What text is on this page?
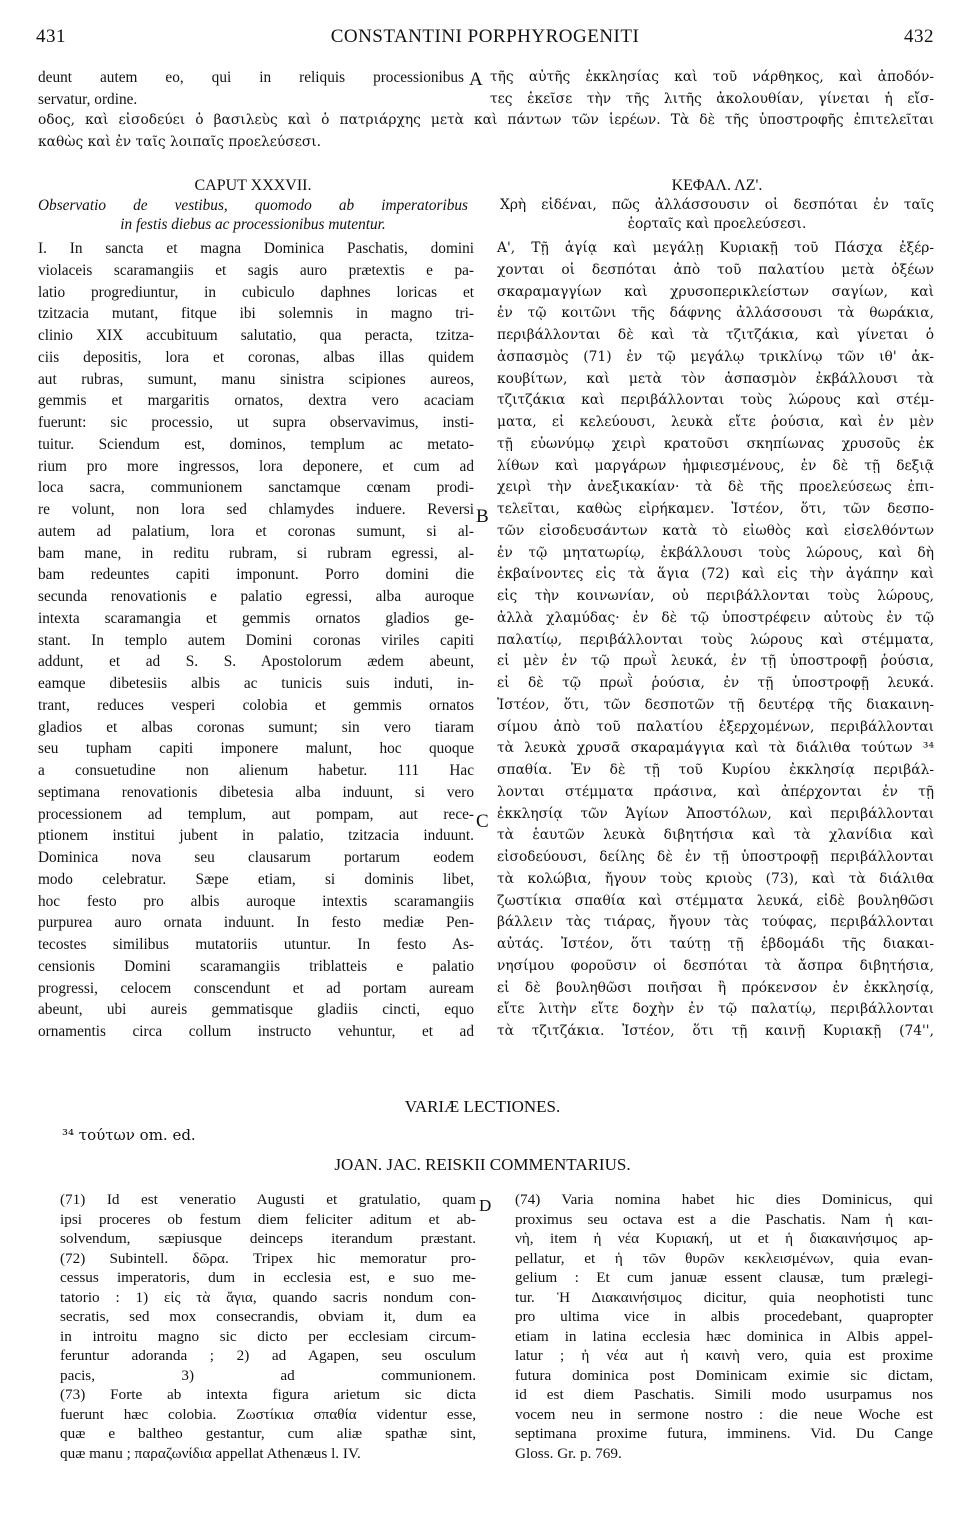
431	CONSTANTINI PORPHYROGENITI	432
deunt autem eo, qui in reliquis processionibus
servatur, ordine.
A τῆς αὐτῆς ἐκκλησίας καὶ τοῦ νάρθηκος, καὶ ἀποδόν-
τες ἐκεῖσε τὴν τῆς λιτῆς ἀκολουθίαν, γίνεται ἡ εἴσ-
οδος, καὶ εἰσοδεύει ὁ βασιλεὺς καὶ ὁ πατριάρχης μετὰ καὶ πάντων τῶν ἱερέων. Τὰ δὲ τῆς ὑποστροφῆς ἐπιτελεῖται
καθὼς καὶ ἐν ταῖς λοιπαῖς προελεύσεσι.
CAPUT XXXVII.
Observatio de vestibus, quomodo ab imperatoribus
in festis diebus ac processionibus mutentur.
ΚΕΦΑΛ. ΛΖ'.
Χρὴ εἰδέναι, πῶς ἀλλάσσουσιν οἱ δεσπόται ἐν ταῖς
ἑορταῖς καὶ προελεύσεσι.
I. In sancta et magna Dominica Paschatis, domini
violaceis scaramangiis et sagis auro prætextis e pa-
latio progrediuntur, in cubiculo daphnes loricas et
tzitzacia mutant, fitque ibi solemnis in magno tri-
clinio XIX accubituum salutatio, qua peracta, tzitza-
ciis depositis, lora et coronas, albas illas quidem
aut rubras, sumunt, manu sinistra scipiones aureos,
gemmis et margaritis ornatos, dextra vero acaciam
fuerunt: sic processio, ut supra observavimus, insti-
tuitur. Sciendum est, dominos, templum ac metato-
rium pro more ingressos, lora deponere, et cum ad
loca sacra, communionem sanctamque cœnam prodi-
re volunt, non lora sed chlamydes induere. Reversi
autem ad palatium, lora et coronas sumunt, si al-
bam mane, in reditu rubram, si rubram egressi, al-
bam redeuntes capiti imponunt. Porro domini die
secunda renovationis e palatio egressi, alba auroque
intexta scaramangia et gemmis ornatos gladios ge-
stant. In templo autem Domini coronas viriles capiti
addunt, et ad S. S. Apostolorum ædem abeunt,
eamque dibetesiis albis ac tunicis suis induti, in-
trant, reduces vesperi colobia et gemmis ornatos
gladios et albas coronas sumunt; sin vero tiaram
seu tupham capiti imponere malunt, hoc quoque
a consuetudine non alienum habetur. 111 Hac
septimana renovationis dibetesia alba induunt, si vero
processionem ad templum, aut pompam, aut rece-
ptionem institui jubent in palatio, tzitzacia induunt.
Dominica nova seu clausarum portarum eodem
modo celebratur. Sæpe etiam, si dominis libet,
hoc festo pro albis auroque intextis scaramangiis
purpurea auro ornata induunt. In festo mediæ Pen-
tecostes similibus mutatoriis utuntur. In festo As-
censionis Domini scaramangiis triblatteis e palatio
progressi, celocem conscendunt et ad portam auream
abeunt, ubi aureis gemmatisque gladiis cincti, equo
ornamentis circa collum instructo vehuntur, et ad
B
C
Α', Τῇ ἁγίᾳ καὶ μεγάλῃ Κυριακῇ τοῦ Πάσχα ἐξέρ-
χονται οἱ δεσπόται ἀπὸ τοῦ παλατίου μετὰ ὀξέων
σκαραμαγγίων καὶ χρυσοπερικλείστων σαγίων, καὶ
ἐν τῷ κοιτῶνι τῆς δάφνης ἀλλάσσουσι τὰ θωράκια,
περιβάλλονται δὲ καὶ τὰ τζιτζάκια, καὶ γίνεται ὁ
ἀσπασμὸς (71) ἐν τῷ μεγάλῳ τρικλίνῳ τῶν ιθ' ἀκ-
κουβίτων, καὶ μετὰ τὸν ἀσπασμὸν ἐκβάλλουσι τὰ
τζιτζάκια καὶ περιβάλλονται τοὺς λώρους καὶ στέμ-
ματα, εἰ κελεύουσι, λευκὰ εἴτε ῥούσια, καὶ ἐν μὲν
τῇ εὐωνύμῳ χειρὶ κρατοῦσι σκηπίωνας χρυσοῦς ἐκ
λίθων καὶ μαργάρων ἠμφιεσμένους, ἐν δὲ τῇ δεξιᾷ
χειρὶ τὴν ἀνεξικακίαν· τὰ δὲ τῆς προελεύσεως ἐπι-
τελεῖται, καθὼς εἰρήκαμεν. Ἰστέον, ὅτι, τῶν δεσπο-
τῶν εἰσοδευσάντων κατὰ τὸ εἰωθὸς καὶ εἰσελθόντων
ἐν τῷ μητατωρίῳ, ἐκβάλλουσι τοὺς λώρους, καὶ δὴ
ἐκβαίνοντες εἰς τὰ ἅγια (72) καὶ εἰς τὴν ἀγάπην καὶ
εἰς τὴν κοινωνίαν, οὐ περιβάλλονται τοὺς λώρους,
ἀλλὰ χλαμύδας· ἐν δὲ τῷ ὑποστρέφειν αὐτοὺς ἐν τῷ
παλατίῳ, περιβάλλονται τοὺς λώρους καὶ στέμματα,
εἰ μὲν ἐν τῷ πρωῒ λευκά, ἐν τῇ ὑποστροφῇ ῥούσια,
εἰ δὲ τῷ πρωῒ ῥούσια, ἐν τῇ ὑποστροφῇ λευκά.
Ἰστέον, ὅτι, τῶν δεσποτῶν τῇ δευτέρᾳ τῆς διακαινη-
σίμου ἀπὸ τοῦ παλατίου ἐξερχομένων, περιβάλλονται
τὰ λευκὰ χρυσᾶ σκαραμάγγια καὶ τὰ διάλιθα τούτων ³⁴
σπαθία. Ἐν δὲ τῇ τοῦ Κυρίου ἐκκλησίᾳ περιβάλ-
λονται στέμματα πράσινα, καὶ ἀπέρχονται ἐν τῇ
ἐκκλησίᾳ τῶν Ἁγίων Ἀποστόλων, καὶ περιβάλλονται
τὰ ἑαυτῶν λευκὰ διβητήσια καὶ τὰ χλανίδια καὶ
εἰσοδεύουσι, δείλης δὲ ἐν τῇ ὑποστροφῇ περιβάλλονται
τὰ κολώβια, ἤγουν τοὺς κριοὺς (73), καὶ τὰ διάλιθα
ζωστίκια σπαθία καὶ στέμματα λευκά, εἰδὲ βουληθῶσι
βάλλειν τὰς τιάρας, ἤγουν τὰς τούφας, περιβάλλονται
αὐτάς. Ἰστέον, ὅτι ταύτῃ τῇ ἑβδομάδι τῆς διακαι-
νησίμου φοροῦσιν οἱ δεσπόται τὰ ἄσπρα διβητήσια,
εἰ δὲ βουληθῶσι ποιῆσαι ἢ πρόκενσον ἐν ἐκκλησίᾳ,
εἴτε λιτὴν εἴτε δοχὴν ἐν τῷ παλατίῳ, περιβάλλονται
τὰ τζιτζάκια. Ἰστέον, ὅτι τῇ καινῇ Κυριακῇ (74'',
VARIÆ LECTIONES.
³⁴ τούτων om. ed.
JOAN. JAC. REISKII COMMENTARIUS.
(71) Id est veneratio Augusti et gratulatio, quam
ipsi proceres ob festum diem feliciter aditum et ab-
solvendum, sæpiusque deinceps iterandum præstant.
(72) Subintell. δῶρα. Tripex hic memoratur pro-
cessus imperatoris, dum in ecclesia est, e suo me-
tatorio : 1) εἰς τὰ ἅγια, quando sacris nondum con-
secratis, sed mox consecrandis, obviam it, dum ea
in introitu magno sic dicto per ecclesiam circum-
feruntur adoranda ; 2) ad Agapen, seu osculum
pacis, 3) ad communionem.
(73) Forte ab intexta figura arietum sic dicta
fuerunt hæc colobia. Ζωστίκια σπαθία videntur esse,
quæ e baltheo gestantur, cum aliæ spathæ sint,
quæ manu ; παραζωνίδια appellat Athenæus l. IV.
D (74) Varia nomina habet hic dies Dominicus, qui
proximus seu octava est a die Paschatis. Nam ἡ και-
νὴ, item ἡ νέα Κυριακή, ut et ἡ διακαινήσιμος ap-
pellatur, et ἡ τῶν θυρῶν κεκλεισμένων, quia evan-
gelium : Et cum januæ essent clausæ, tum prælegi-
tur. Ἡ Διακαινήσιμος dicitur, quia neophotisti tunc
pro ultima vice in albis procedebant, quapropter
etiam in latina ecclesia hæc dominica in Albis appel-
latur ; ἡ νέα aut ἡ καινὴ vero, quia est proxime
futura dominica post Dominicam eximie sic dictam,
id est diem Paschatis. Simili modo usurpamus nos
vocem neu in sermone nostro : die neue Woche est
septimana proxime futura, imminens. Vid. Du Cange
Gloss. Gr. p. 769.
